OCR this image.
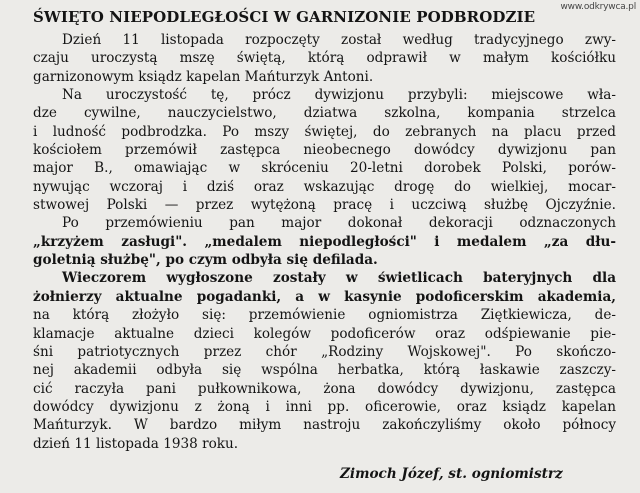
www.odkrywca.pl
ŚWIĘTO NIEPODLEGŁOŚCI W GARNIZONIE PODBRODZIE
Dzień 11 listopada rozpoczęty został według tradycyjnego zwy-
czaju uroczystą mszę świętą, którą odprawił w małym kościółku
garnizonowym ksiądz kapelan Mańturzyk Antoni.
Na uroczystość tę, prócz dywizjonu przybyli: miejscowe wła-
dze cywilne, nauczycielstwo, dziatwa szkolna, kompania strzelca
i ludność podbrodzka. Po mszy świętej, do zebranych na placu przed
kościołem przemówił zastępca nieobecnego dowódcy dywizjonu pan
major B., omawiając w skróceniu 20-letni dorobek Polski, porów-
nywując wczoraj i dziś oraz wskazując drogę do wielkiej, mocar-
stwowej Polski — przez wytężoną pracę i uczciwą służbę Ojczyźnie.
Po przemówieniu pan major dokonał dekoracji odznaczonych
„krzyżem zasługi". „medalem niepodległości" i medalem „za dłu-
goletnią służbę", po czym odbyła się defilada.
Wieczorem wygłoszone zostały w świetlicach bateryjnych dla
żołnierzy aktualne pogadanki, a w kasynie podoficerskim akademia,
na którą złożyło się: przemówienie ogniomistrza Ziętkiewicza, de-
klamacje aktualne dzieci kolegów podoficerów oraz odśpiewanie pie-
śni patriotycznych przez chór „Rodziny Wojskowej". Po skończo-
nej akademii odbyła się wspólna herbatka, którą łaskawie zaszczy-
cić raczyła pani pułkownikowa, żona dowódcy dywizjonu, zastępca
dowódcy dywizjonu z żoną i inni pp. oficerowie, oraz ksiądz kapelan
Mańturzyk. W bardzo miłym nastroju zakończyliśmy około północy
dzień 11 listopada 1938 roku.
Zimoch Józef, st. ogniomistrz
